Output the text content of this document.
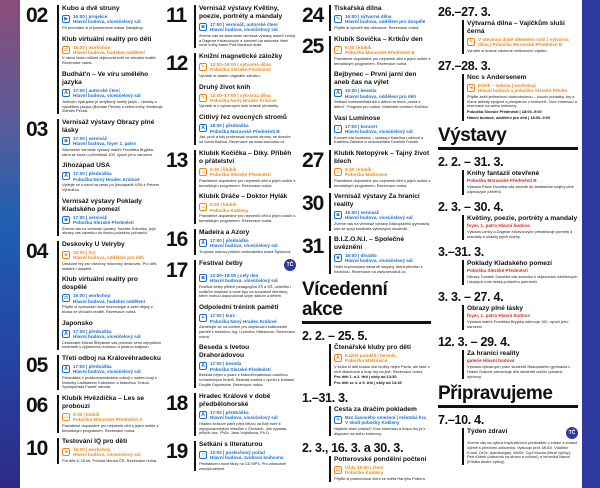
02 Kubo a dvě struny
▶	16:00 | projekce
Hlavní budova, víceúčelový sál
Při promítání si připomeneme odkaz Dalajlámy.
Klub virtuální reality pro děti
◘	16:00 | workshop
Hlavní budova, hudební oddělení
V rámci klubu můžeš objevovat svět ve virtuální realitě. Rezervace nutná.
Budhát'n – Ve víru umělého jazyka
A	17:00 | autorské čtení
Hlavní budova, víceúčelový sál
Jediným výstupem je smyšlený umělý jazyk – ukázky a vysvětlení jazyka (Bohdan Pecha) a četba knihy. Moderuje Zdeněk Pecha.
03 Vernisáž výstavy Obrazy plné lásky
◙	17:00 | vernisáž
Hlavní budova, foyer 1. patro
Slavnostní vernisáž výstavy malíře Františka Bryjáka, která se koná u příležitosti 100. výročí jeho narození.
Jihozápad USA
A	17:00 | přednáška
Pobočka Nový Hradec Králové
Vydejte se s námi na cestu po jihozápadě USA s Petrem Vyhlídkou.
Vernisáž výstavy Poklady Kladského pomezí
◙	17:00 | vernisáž
Pobočka Slezské Předměstí
Zveme vás na vernisáž výstavy Tomáše Sokolíka, jejíž obrazy vás zavedou do česko-polského pohraničí.
04 Deskovky U Velryby
♣	16:00 | hry
Hlavní budova, oddělení pro děti
Deskové hry pro všechny milovníky deskovek. Pro děti, mládež i dospělé.
Klub virtuální reality pro dospělé
◘	16:00 | workshop
Hlavní budova, hudební oddělení
Přijďte si vyzkoušet nové technologie a zažít dějiny z blízka ve virtuální realitě. Rezervace nutná.
Japonsko
A	17:00 | přednáška
Hlavní budova, víceúčelový sál
Cestovatel Michal Štěpánek vás provede zemí nejvyšších kontrastů s výjimečnou kulturou a pestrou krajinou.
05 Třetí odboj na Královéhradecku
A	17:00 | přednáška
Hlavní budova, víceúčelový sál
Přednáška o protikomunistickém odboji v našem kraji s historiky Ladislavem Kubíčkem a Markétou Trnkou. Spolupořádá Paměť národa.
06 Klubík Hvězdička – Les se probouzí
☺ 9:30 | klubík
Pobočka Moravské Předměstí A
Pravidelné dopoledne pro nejmenší děti a jejich rodiče s tematickým programem. Rezervace nutná.
10 Testování IQ pro děti
◄ 16:00 | workshop
Hlavní budova, víceúčelový sál
Pro děti 5–15 let. Pořádá Mensa ČR. Rezervace nutná.
11 Vernisáž výstavy Květiny, poezie, portréty a mandaly
◙	17:00 | vernisáž, autorské čtení
Hlavní budova, víceúčelový sál
Zveme vás na slavnostní vernisáž výstavy autorů Lenky a Dagmar Krkavcových a zároveň na autorské čtení nové knihy básní Pod hladinou duše.
12 Knižní magnetické záložky
✎	13:00–18:00 | výtvarná dílna
Pobočka Slezské Předměstí
Vyrobte si vlastní originální záložku.
Druhý život knih
✎	13:00–17:00 | výtvarná dílna
Pobočka Nový Hradec Králové
Vyrobte si z vyřazených knih krásné předměty.
Citlivý řez ovocných stromů
A	18:00 | přednáška
Pobočka Moravské Předměstí B
Jak, proč a kdy prořezávat ovocné stromy, se dozvíte od Ivana Bačina. Rezervace na www.zacoutoo.cz.
13 Klubík Kočička – Díky. Příběh o přátelství
☺ 9:30 | klubík
Pobočka Slezské Předměstí
Pravidelné dopoledne pro nejmenší děti a jejich rodiče s tematickým programem. Rezervace nutná.
Klubík Dráče – Doktor Hylák
☺ 9:30 | klubík
Pobočka Kukleny
Pravidelné dopoledne pro nejmenší děti a jejich rodiče s tematickým programem. Rezervace nutná.
16 Madeira a Azory
A	17:00 | přednáška
Hlavní budova, víceúčelový sál
Tropické ostrovy přiblíží cestovatelka Ivana Špičková.
17 Festival četby	TČ
◙	13:00–18:00 | celý den
Hlavní budova, víceúčelový sál
Festival četby přiblíží pedagogům ZŠ a SŠ, učitelům i rodičům inspiraci a nové tipy na současné literatury, které mohou doporučovat svým žákům a dětem.
Odpolední trénink paměti
✦	17:00 | kurz
Pobočka Nový Hradec Králové
Zaměřujte se na cvičení pro zlepšování krátkodobé paměti s lektorkou Ing. Ludmilou Hlávkovou. Rezervace nutná.
Beseda s Ivetou Drahorádovou
A	17:00 | beseda
Pobočka Slezské Předměstí
Beseda nejen o psaní s královéhradeckou autorkou romantických hrdinů. Beseda vznikla v rychlu s knihami Dvojité Dopoledne. Rezervace nutná.
18 Hradec Králové v době předbělohorské
A	17:00 | přednáška
Hlavní budova, víceúčelový sál
Hradec Králové patřil před bitvou na Bílé hoře k nejvýznamnějším městům v Čechách. Jak vypadal, přiblíží doc. PhDr. Jana Vojtíšková, Ph.D.
19 Setkání s literaturou
∩	10:00 | poslechový pořad
Hlavní budova, zvuková knihovna
Představení nové tituly na CD MP3. Pro zdravotně znevýhodněné.
24 Tiskařská dílna
✎	16:00 | výtvarná dílna
Hlavní budova, oddělení pro dospělé
Přijďte si vytvořit tisk dekorace. Rezervace nutná.
25 Klubík Sovička – Krtkův den
☺ 9:30 | klubík
Pobočka Moravské Předměstí B
Pravidelné dopoledne pro nejmenší děti a jejich rodiče s tematickým programem. Rezervace nutná.
Bejbynec – První jarní den aneb čas na výlet
A	10:00 | beseda
Hlavní budova, oddělení pro děti
Setkání maminek/tatínků s dětmi na téma „cesta s dětmi“. Program pro rodiče. Mateřské centrum Kolíbka.
Vasi Luminose
♫	17:00 | koncert
Hlavní budova, víceúčelový sál
Koncert tria hudebnic – vystoupí Kateřina Laštová a Kateřina Záložná a violoncellista Dominik Franěk.
27 Klubík Netopýrek – Tajný život blech
☺ 9:30 | klubík
Pobočka Malšovice
Pravidelné dopoledne pro nejmenší děti a jejich rodiče s tematickým programem. Rezervace nutná.
30 Vernisáž výstavy Za hranicí reality
◙	16:00 | vernisáž
Hlavní budova, víceúčelový sál
Zveme vás na vernisáž výstavy Biskupského gymnázia, kde se spojí kreativita výtvarných studentů.
31 B.I.Z.O.N.I. – Společné uvěznění
☻ 16:00 | divadlo
Hlavní budova, víceúčelový sál
Hrálo improvizace kavárně skupiny, která přichází s novinkou. Rezervace na www.smoktuk.cz.
Vícedenní akce
2. 2. – 25. 5.
Čtenářské kluby pro děti
A	Každé pondělí | beseda
Pobočka Malšovice
V klubu si děti budou číst knížky nejen Pavla, ale také o nich diskutovat a hrají hry na jiné. Rezervace nutná.
Pro děti 1. a 2. tříd | vždy od 13:30
Pro děti ze 4. a 5. tříd | vždy od 14:45
1.–31. 3.
Cesta za dračím pokladem
✈	Bez časového omezení | městská hra
V okolí pobočky Kukleny
Najdete dračí poklad? Více informací a mapu hry je k dispozici na webu knihovny.
2. 3., 16. 3. a 30. 3.
Potterovské pondělní počtení
▤	Vždy 15:00 | čtení
Pobočka Kukleny
Přijďte si poslechnout čtení ze světa Harryho Pottera.
26.–27. 3.
Výtvarná dílna – Vajíčkům sluší černá
✎	V otevírací době dětského odd. | výtvarná
dílna | Pobočka Moravské Předměstí B
Vyrobte si krásné zdobené velikonoční vajíčko.
27.–28. 3.
Noc s Andersenem
◄ Pátek – sobota | workshop
Hlavní budova a pobočka Slezské Předm.
Přijďte zažít jedinečnou dobrodružnou – kouzlo pohádky, hry a různé aktivity spojené s přespáním v knihovně. Více informací a rezervace na webu knihovny.
Pobočka Slezské Předměstí | 18:00–9:00
Hlavní budova, oddělení pro děti | 18:00–9:00
Výstavy
2. 2. – 31. 3.
Knihy fantazií otevřené
Pobočka Moravské Předměstí B
Výstava Pavla Dvořáka vás zavede do fantastické krajiny plné zajímavých příběhů.
2. 3. – 30. 4.
Květiny, poezie, portréty a mandaly
foyer, 1. patro Hlavní budova
Výstava Lenky a Dagmar Krkavcových představuje portréty a mandaly a ukázky jejich tvorby.
3.–31. 3.
Poklady Kladského pomezí
Pobočka Slezské Předměstí
Obrazy Tomáše Sokolíka vás zavedou k objevování nádherných i skrytých míst česko-polského pohraničí.
3. 3. – 27. 4.
Obrazy plné lásky
foyer, 1. patro Hlavní budova
Výstava malíře Františka Bryjáka zahrnuje 100. výročí jeho narození.
12. 3. – 29. 4.
Za hranicí reality
galerie Hlavní budova
Výstava výtvarných prací studentů Biskupského gymnázia v Hradci Králové prezentuje díla studentů oddílu výtvarné výchovy.
Připravujeme
7.–10. 4.
Týden zdraví	TČ
Zveme vás na cyklus inspirativních přednášek o zdraví a zdravé výživě s předními odborníky. Vystoupí prof. MUDr. Vladimír Koudi, DrSc. (kardiologie), MUDr. Cyril Mucha (lékař výživy), Petr Kübek (odborník na stravu a cvičení) a Veronika Navrá (Klinika akutní výživy).
